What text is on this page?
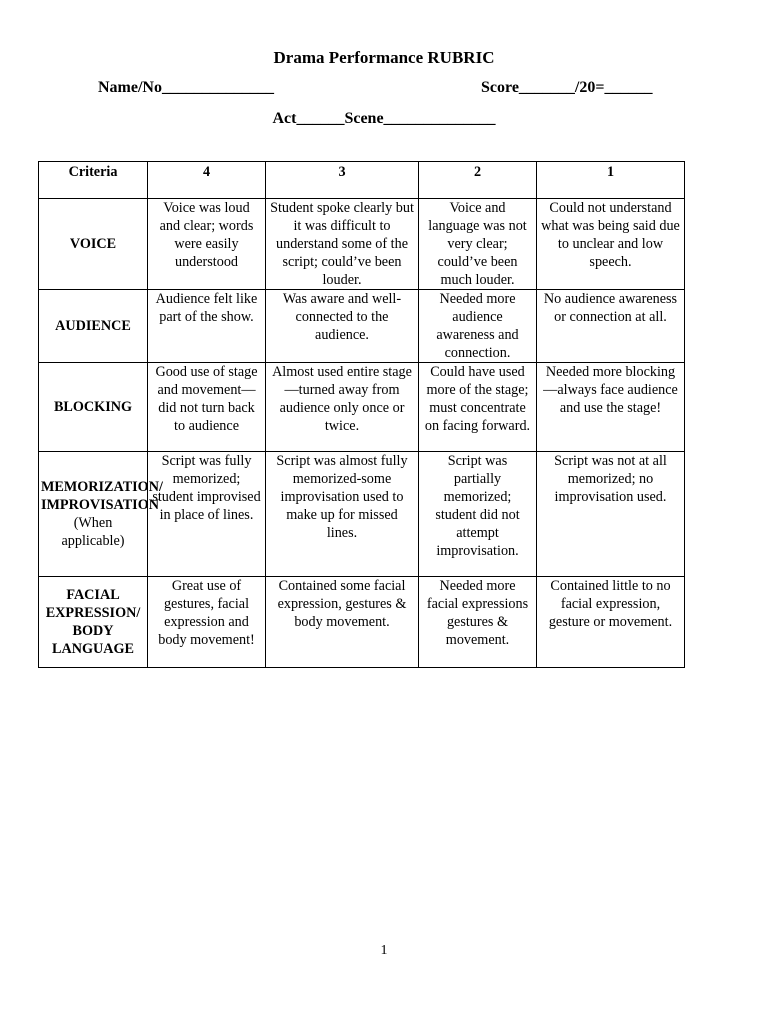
Drama Performance RUBRIC
Name/No______________	Score_______/20=______
Act______Scene______________
Criteria	4	3	2	1
VOICE	Voice was loud and clear; words were easily understood	Student spoke clearly but it was difficult to understand some of the script; could’ve been louder.	Voice and language was not very clear; could’ve been much louder.	Could not understand what was being said due to unclear and low speech.
AUDIENCE	Audience felt like part of the show.	Was aware and well-connected to the audience.	Needed more audience awareness and connection.	No audience awareness or connection at all.
BLOCKING	Good use of stage and movement—did not turn back to audience	Almost used entire stage—turned away from audience only once or twice.	Could have used more of the stage; must concentrate on facing forward.	Needed more blocking—always face audience and use the stage!
MEMORIZATION/ IMPROVISATION
(When applicable)	Script was fully memorized; student improvised in place of lines.	Script was almost fully memorized-some improvisation used to make up for missed lines.	Script was partially memorized; student did not attempt improvisation.	Script was not at all memorized; no improvisation used.
FACIAL EXPRESSION/ BODY LANGUAGE	Great use of gestures, facial expression and body movement!	Contained some facial expression, gestures & body movement.	Needed more facial expressions gestures & movement.	Contained little to no facial expression, gesture or movement.
1
